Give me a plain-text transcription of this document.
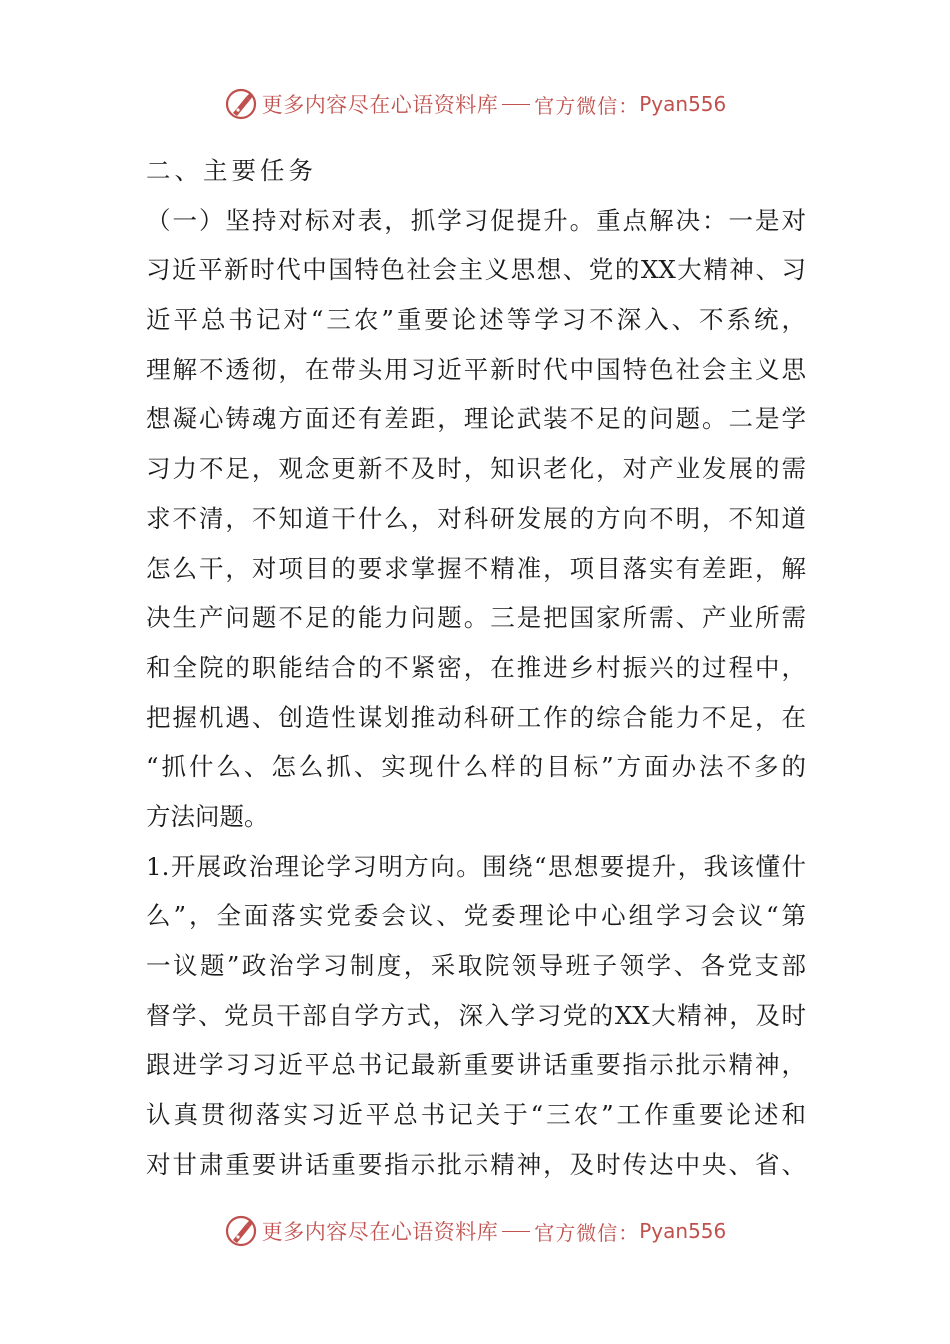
更多内容尽在心语资料库 官方微信： Pyan556
二、主要任务
（一）坚持对标对表，抓学习促提升。重点解决：一是对
习近平新时代中国特色社会主义思想、党的XX大精神、习
近平总书记对“三农”重要论述等学习不深入、不系统，
理解不透彻，在带头用习近平新时代中国特色社会主义思
想凝心铸魂方面还有差距，理论武装不足的问题。二是学
习力不足，观念更新不及时，知识老化，对产业发展的需
求不清，不知道干什么，对科研发展的方向不明，不知道
怎么干，对项目的要求掌握不精准，项目落实有差距，解
决生产问题不足的能力问题。三是把国家所需、产业所需
和全院的职能结合的不紧密，在推进乡村振兴的过程中，
把握机遇、创造性谋划推动科研工作的综合能力不足，在
“抓什么、怎么抓、实现什么样的目标”方面办法不多的
方法问题。
1.开展政治理论学习明方向。围绕“思想要提升，我该懂什
么”，全面落实党委会议、党委理论中心组学习会议“第
一议题”政治学习制度，采取院领导班子领学、各党支部
督学、党员干部自学方式，深入学习党的XX大精神，及时
跟进学习习近平总书记最新重要讲话重要指示批示精神，
认真贯彻落实习近平总书记关于“三农”工作重要论述和
对甘肃重要讲话重要指示批示精神，及时传达中央、省、
更多内容尽在心语资料库 官方微信： Pyan556
